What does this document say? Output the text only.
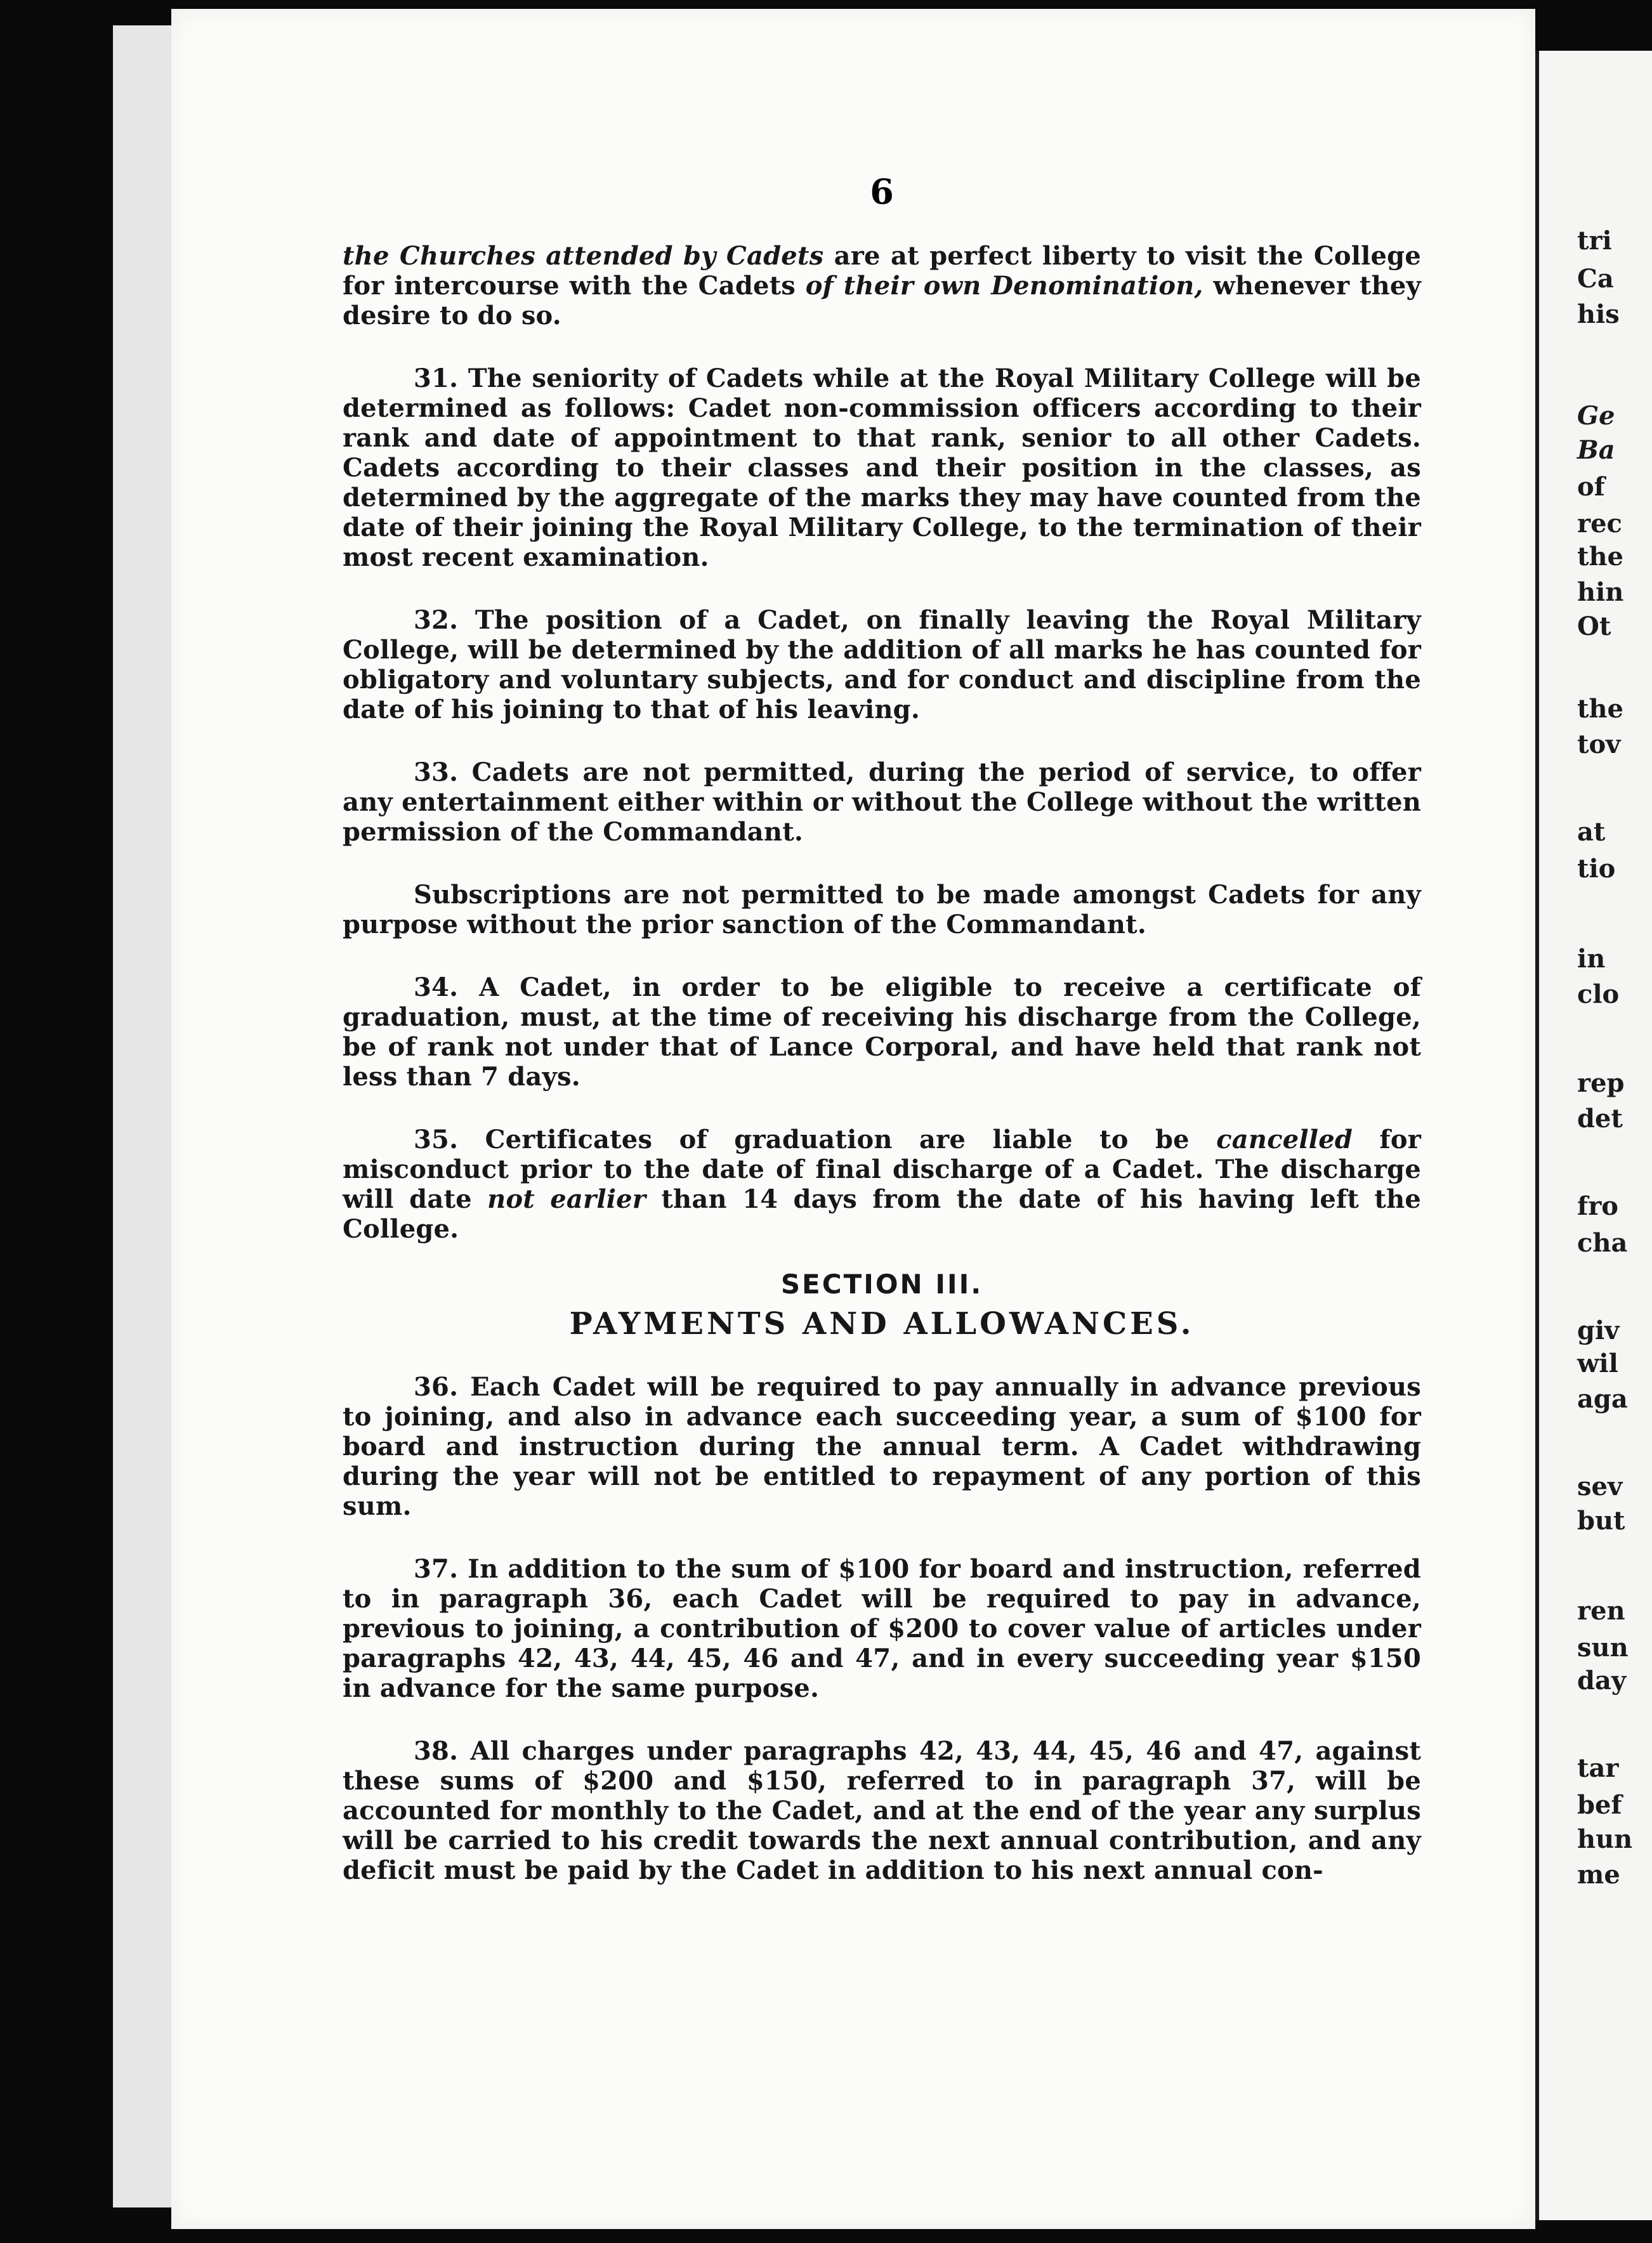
6

the Churches attended by Cadets are at perfect liberty to visit the College for intercourse with the Cadets of their own Denomination, whenever they desire to do so.

31. The seniority of Cadets while at the Royal Military College will be determined as follows: Cadet non-commission officers according to their rank and date of appointment to that rank, senior to all other Cadets. Cadets according to their classes and their position in the classes, as determined by the aggregate of the marks they may have counted from the date of their joining the Royal Military College, to the termination of their most recent examination.

32. The position of a Cadet, on finally leaving the Royal Military College, will be determined by the addition of all marks he has counted for obligatory and voluntary subjects, and for conduct and discipline from the date of his joining to that of his leaving.

33. Cadets are not permitted, during the period of service, to offer any entertainment either within or without the College without the written permission of the Commandant.

Subscriptions are not permitted to be made amongst Cadets for any purpose without the prior sanction of the Commandant.

34. A Cadet, in order to be eligible to receive a certificate of graduation, must, at the time of receiving his discharge from the College, be of rank not under that of Lance Corporal, and have held that rank not less than 7 days.

35. Certificates of graduation are liable to be cancelled for misconduct prior to the date of final discharge of a Cadet. The discharge will date not earlier than 14 days from the date of his having left the College.

SECTION III.
PAYMENTS AND ALLOWANCES.

36. Each Cadet will be required to pay annually in advance previous to joining, and also in advance each succeeding year, a sum of $100 for board and instruction during the annual term. A Cadet withdrawing during the year will not be entitled to repayment of any portion of this sum.

37. In addition to the sum of $100 for board and instruction, referred to in paragraph 36, each Cadet will be required to pay in advance, previous to joining, a contribution of $200 to cover value of articles under paragraphs 42, 43, 44, 45, 46 and 47, and in every succeeding year $150 in advance for the same purpose.

38. All charges under paragraphs 42, 43, 44, 45, 46 and 47, against these sums of $200 and $150, referred to in paragraph 37, will be accounted for monthly to the Cadet, and at the end of the year any surplus will be carried to his credit towards the next annual contribution, and any deficit must be paid by the Cadet in addition to his next annual con-

tri
Ca
his
Ge
Ba
of
rec
the
hin
Ot
the
tov
at
tio
in
clo
rep
det
fro
cha
giv
wil
aga
sev
but
ren
sun
day
tar
bef
hun
me
